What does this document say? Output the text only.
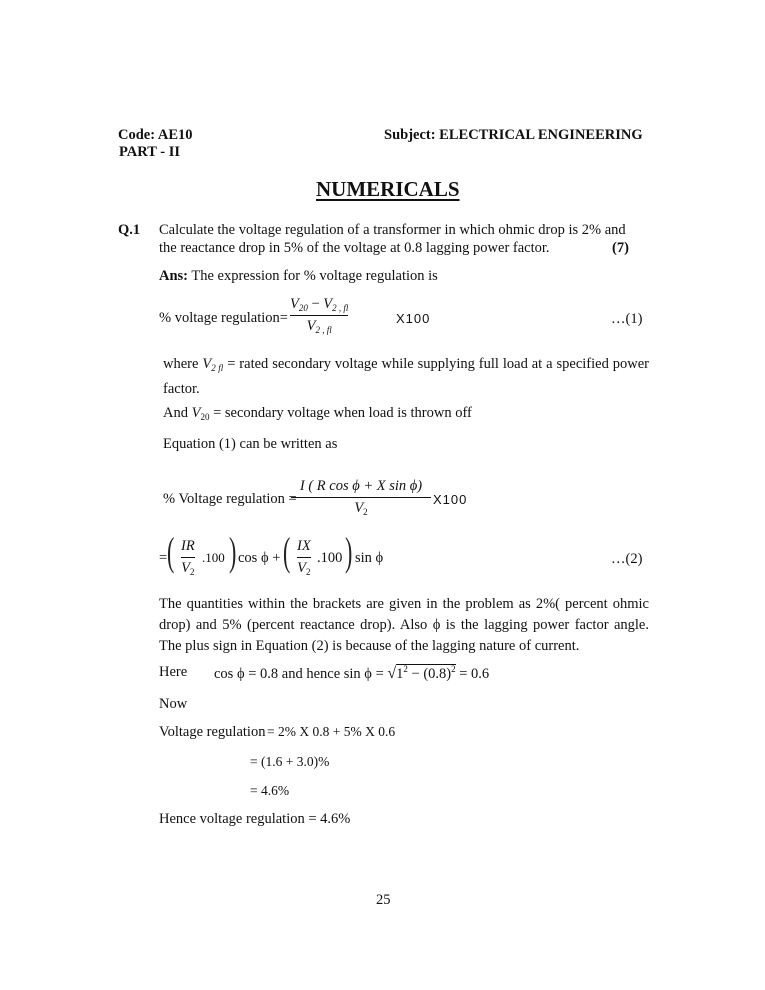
Code: AE10
PART - II
Subject: ELECTRICAL ENGINEERING
NUMERICALS
Q.1 Calculate the voltage regulation of a transformer in which ohmic drop is 2% and
the reactance drop in 5% of the voltage at 0.8 lagging power factor.	(7)
Ans: The expression for % voltage regulation is
% voltage regulation=
$V_{20} - V_{2 , fl}$
$V_{2 , fl}$
X100	…(1)
where $V_{2 fl}$ = rated secondary voltage while supplying full load at a specified power factor.
And $V_{20}$ = secondary voltage when load is thrown off
Equation (1) can be written as
% Voltage regulation =
I ( R cos ϕ + X sin ϕ)
$V_2$
X100
= ( IR
$V_2$
.100 ) cos ϕ + ( IX
$V_2$
.100 ) sin ϕ	…(2)
The quantities within the brackets are given in the problem as 2%( percent ohmic drop) and 5% (percent reactance drop). Also ϕ is the lagging power factor angle. The plus sign in Equation (2) is because of the lagging nature of current.
Here cos ϕ = 0.8 and hence $\sin \phi = √1^2 - (0.8)^2 = 0.6$
Now
Voltage regulation = 2% X 0.8 + 5% X 0.6
= (1.6 + 3.0)%
= 4.6%
Hence voltage regulation = 4.6%
25
